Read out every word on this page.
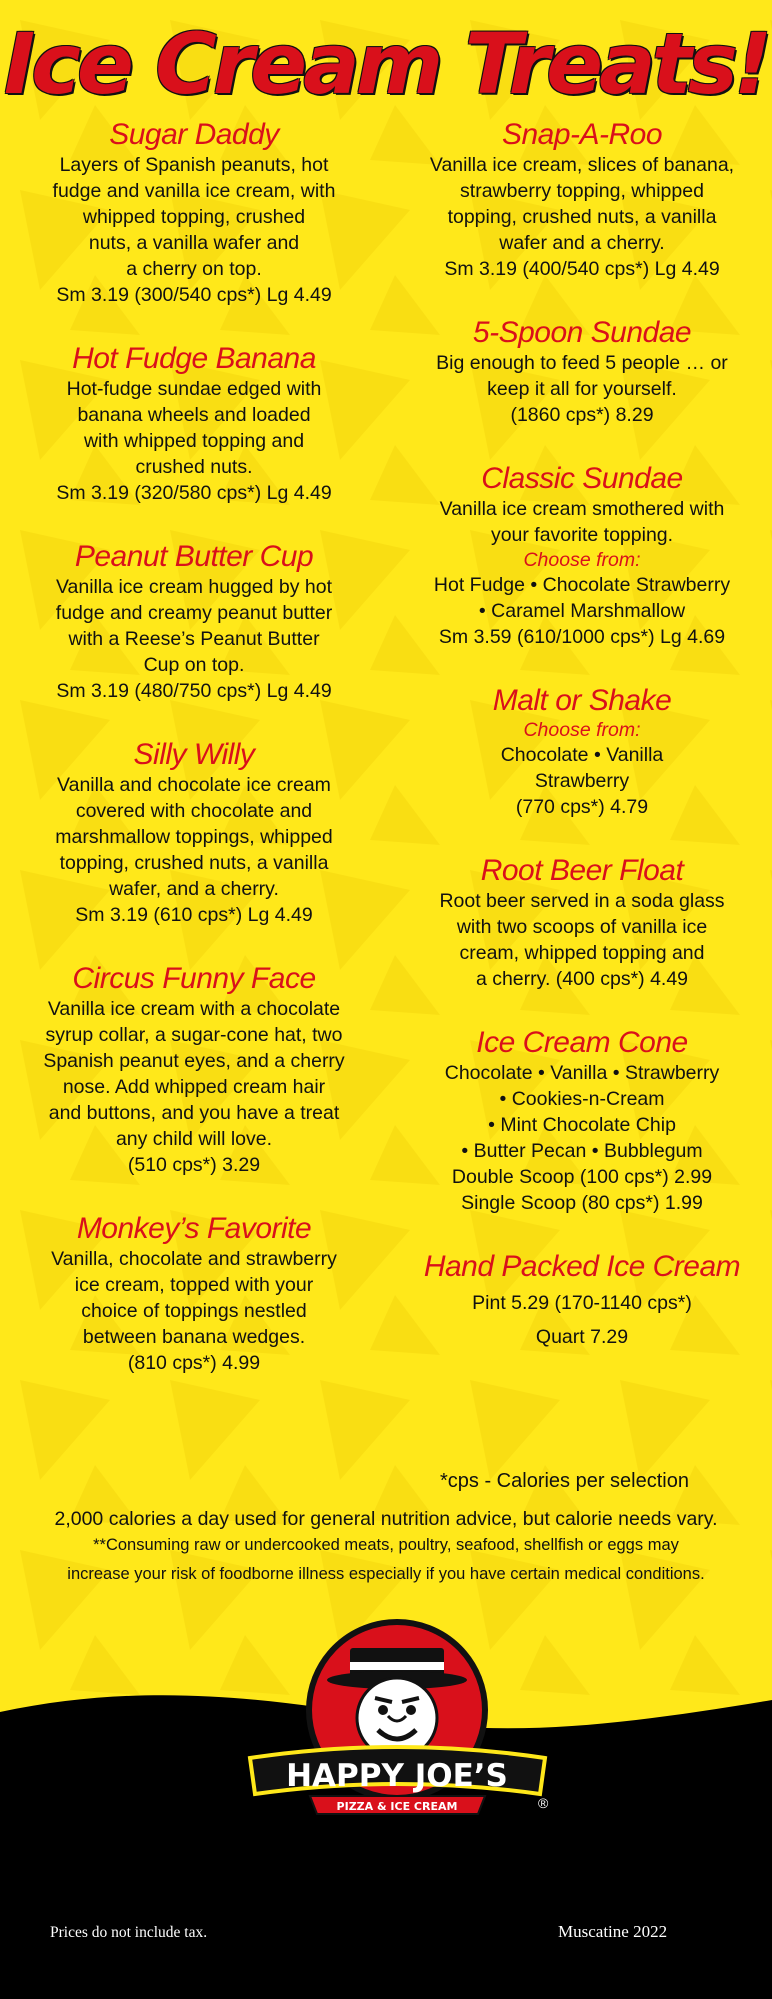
Ice Cream Treats!
Sugar Daddy
Layers of Spanish peanuts, hot
fudge and vanilla ice cream, with
whipped topping, crushed
nuts, a vanilla wafer and
a cherry on top.
Sm 3.19 (300/540 cps*) Lg 4.49
Hot Fudge Banana
Hot-fudge sundae edged with
banana wheels and loaded
with whipped topping and
crushed nuts.
Sm 3.19 (320/580 cps*) Lg 4.49
Peanut Butter Cup
Vanilla ice cream hugged by hot
fudge and creamy peanut butter
with a Reese’s Peanut Butter
Cup on top.
Sm 3.19 (480/750 cps*) Lg 4.49
Silly Willy
Vanilla and chocolate ice cream
covered with chocolate and
marshmallow toppings, whipped
topping, crushed nuts, a vanilla
wafer, and a cherry.
Sm 3.19 (610 cps*) Lg 4.49
Circus Funny Face
Vanilla ice cream with a chocolate
syrup collar, a sugar-cone hat, two
Spanish peanut eyes, and a cherry
nose. Add whipped cream hair
and buttons, and you have a treat
any child will love.
(510 cps*) 3.29
Monkey’s Favorite
Vanilla, chocolate and strawberry
ice cream, topped with your
choice of toppings nestled
between banana wedges.
(810 cps*) 4.99
Snap-A-Roo
Vanilla ice cream, slices of banana,
strawberry topping, whipped
topping, crushed nuts, a vanilla
wafer and a cherry.
Sm 3.19 (400/540 cps*) Lg 4.49
5-Spoon Sundae
Big enough to feed 5 people … or
keep it all for yourself.
(1860 cps*) 8.29
Classic Sundae
Vanilla ice cream smothered with
your favorite topping.
Choose from:
Hot Fudge • Chocolate Strawberry
• Caramel Marshmallow
Sm 3.59 (610/1000 cps*) Lg 4.69
Malt or Shake
Choose from:
Chocolate • Vanilla
Strawberry
(770 cps*) 4.79
Root Beer Float
Root beer served in a soda glass
with two scoops of vanilla ice
cream, whipped topping and
a cherry. (400 cps*) 4.49
Ice Cream Cone
Chocolate • Vanilla • Strawberry
• Cookies-n-Cream
• Mint Chocolate Chip
• Butter Pecan • Bubblegum
Double Scoop (100 cps*) 2.99
Single Scoop (80 cps*) 1.99
Hand Packed Ice Cream
Pint 5.29 (170-1140 cps*)
Quart 7.29
*cps - Calories per selection
2,000 calories a day used for general nutrition advice, but calorie needs vary.
**Consuming raw or undercooked meats, poultry, seafood, shellfish or eggs may
increase your risk of foodborne illness especially if you have certain medical conditions.
HAPPY JOE’S
PIZZA & ICE CREAM	®
Prices do not include tax.	Muscatine 2022
